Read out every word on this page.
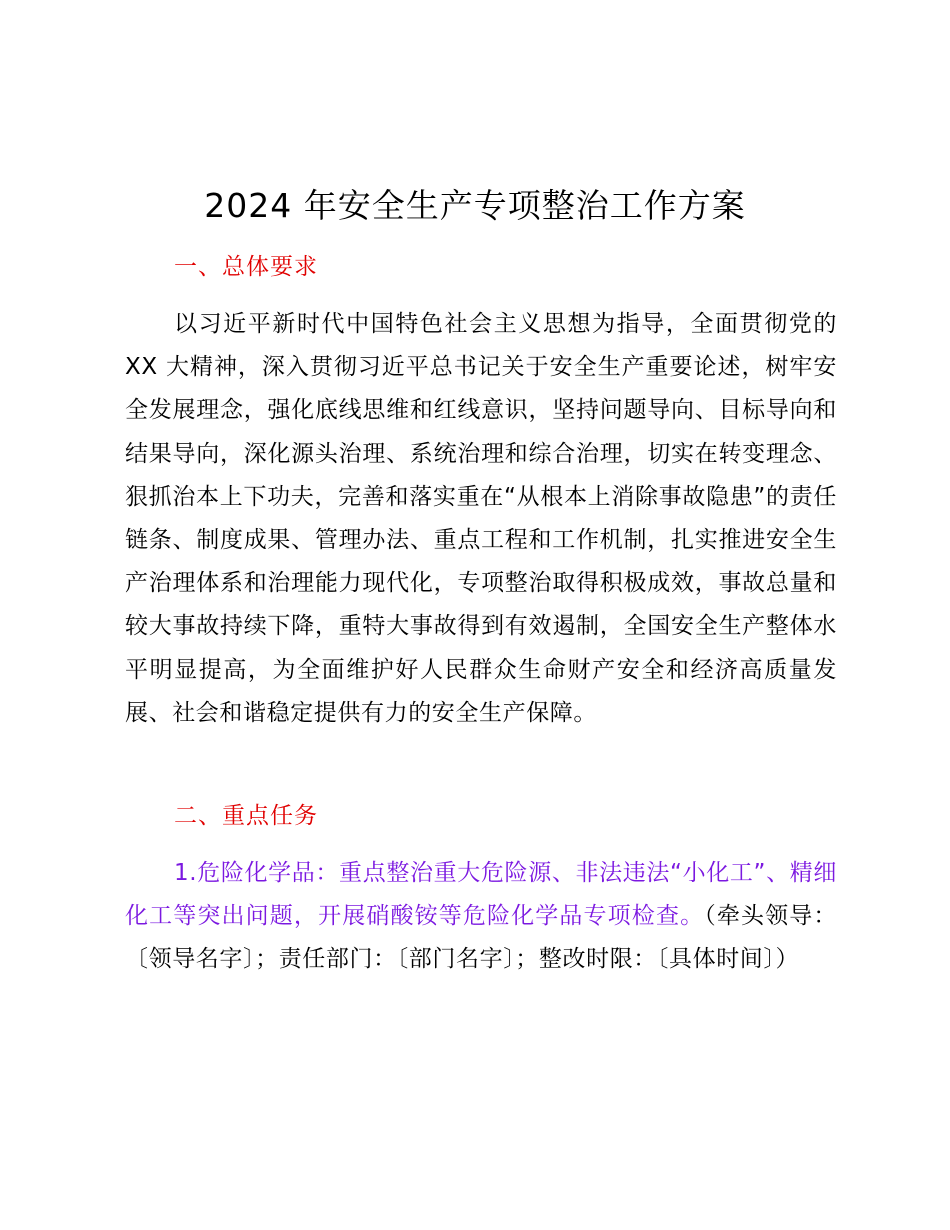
2024 年安全生产专项整治工作方案
一、总体要求

以习近平新时代中国特色社会主义思想为指导，全面贯彻党的 XX 大精神，深入贯彻习近平总书记关于安全生产重要论述，树牢安全发展理念，强化底线思维和红线意识，坚持问题导向、目标导向和结果导向，深化源头治理、系统治理和综合治理，切实在转变理念、狠抓治本上下功夫，完善和落实重在“从根本上消除事故隐患”的责任链条、制度成果、管理办法、重点工程和工作机制，扎实推进安全生产治理体系和治理能力现代化，专项整治取得积极成效，事故总量和较大事故持续下降，重特大事故得到有效遏制，全国安全生产整体水平明显提高，为全面维护好人民群众生命财产安全和经济高质量发展、社会和谐稳定提供有力的安全生产保障。

二、重点任务

1.危险化学品：重点整治重大危险源、非法违法“小化工”、精细化工等突出问题，开展硝酸铵等危险化学品专项检查。（牵头领导：〔领导名字〕；责任部门：〔部门名字〕；整改时限：〔具体时间〕）
